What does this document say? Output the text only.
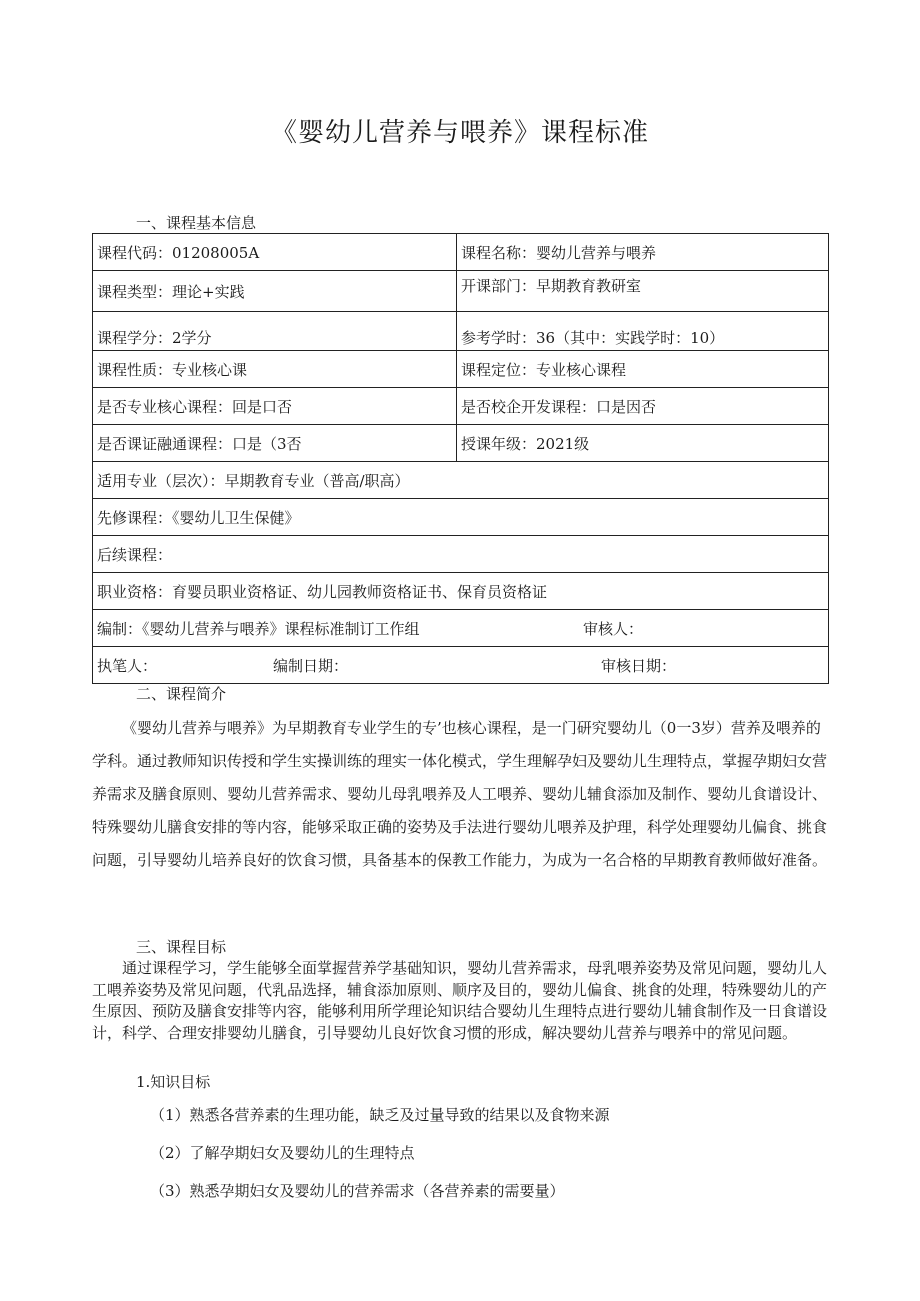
《婴幼儿营养与喂养》课程标准
一、课程基本信息
课程代码：01208005A	课程名称：婴幼儿营养与喂养
课程类型：理论+实践	开课部门：早期教育教研室
课程学分：2学分	参考学时：36（其中：实践学时：10）
课程性质：专业核心课	课程定位：专业核心课程
是否专业核心课程：回是口否	是否校企开发课程：口是因否
是否课证融通课程：口是（3否	授课年级：2021级
适用专业（层次）：早期教育专业（普高/职高）	
先修课程：《婴幼儿卫生保健》	
后续课程：	
职业资格：育婴员职业资格证、幼儿园教师资格证书、保育员资格证	
编制：《婴幼儿营养与喂养》课程标准制订工作组 审核人：	
执笔人： 编制日期： 审核日期：	
二、课程简介

《婴幼儿营养与喂养》为早期教育专业学生的专’也核心课程，是一门研究婴幼儿（0一3岁）营养及喂养的学科。通过教师知识传授和学生实操训练的理实一体化模式，学生理解孕妇及婴幼儿生理特点，掌握孕期妇女营养需求及膳食原则、婴幼儿营养需求、婴幼儿母乳喂养及人工喂养、婴幼儿辅食添加及制作、婴幼儿食谱设计、特殊婴幼儿膳食安排的等内容，能够采取正确的姿势及手法进行婴幼儿喂养及护理，科学处理婴幼儿偏食、挑食问题，引导婴幼儿培养良好的饮食习惯，具备基本的保教工作能力，为成为一名合格的早期教育教师做好准备。

三、课程目标

通过课程学习，学生能够全面掌握营养学基础知识，婴幼儿营养需求，母乳喂养姿势及常见问题，婴幼儿人工喂养姿势及常见问题，代乳品选择，辅食添加原则、顺序及目的，婴幼儿偏食、挑食的处理，特殊婴幼儿的产生原因、预防及膳食安排等内容，能够利用所学理论知识结合婴幼儿生理特点进行婴幼儿辅食制作及一日食谱设计，科学、合理安排婴幼儿膳食，引导婴幼儿良好饮食习惯的形成，解决婴幼儿营养与喂养中的常见问题。

1.知识目标
（1）熟悉各营养素的生理功能，缺乏及过量导致的结果以及食物来源
（2）了解孕期妇女及婴幼儿的生理特点
（3）熟悉孕期妇女及婴幼儿的营养需求（各营养素的需要量）
